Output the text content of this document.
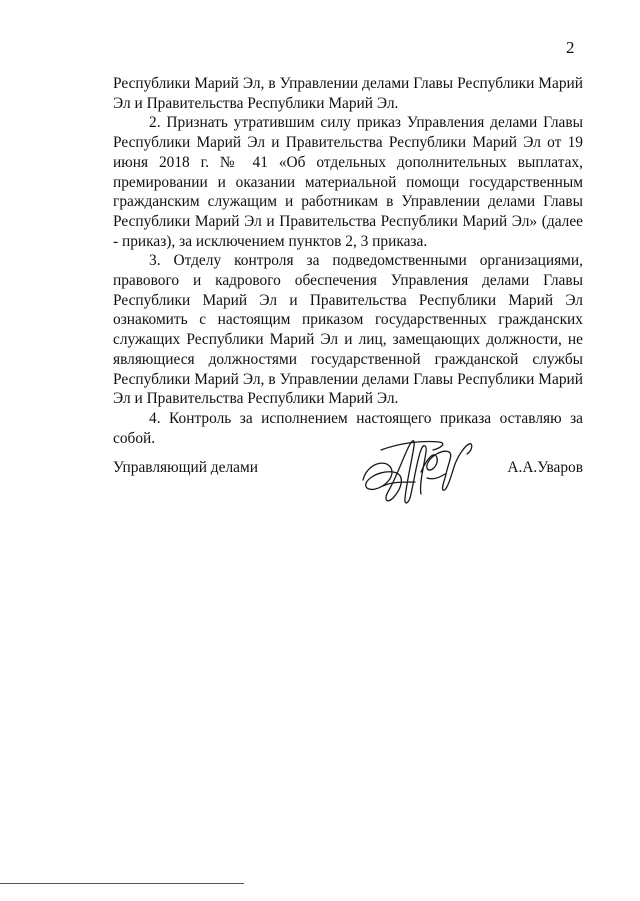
2

Республики Марий Эл, в Управлении делами Главы Республики Марий Эл и Правительства Республики Марий Эл.

2. Признать утратившим силу приказ Управления делами Главы Республики Марий Эл и Правительства Республики Марий Эл от 19 июня 2018 г. № 41 «Об отдельных дополнительных выплатах, премировании и оказании материальной помощи государственным гражданским служащим и работникам в Управлении делами Главы Республики Марий Эл и Правительства Республики Марий Эл» (далее - приказ), за исключением пунктов 2, 3 приказа.

3. Отделу контроля за подведомственными организациями, правового и кадрового обеспечения Управления делами Главы Республики Марий Эл и Правительства Республики Марий Эл ознакомить с настоящим приказом государственных гражданских служащих Республики Марий Эл и лиц, замещающих должности, не являющиеся должностями государственной гражданской службы Республики Марий Эл, в Управлении делами Главы Республики Марий Эл и Правительства Республики Марий Эл.

4. Контроль за исполнением настоящего приказа оставляю за собой.

Управляющий делами	А.А.Уваров
